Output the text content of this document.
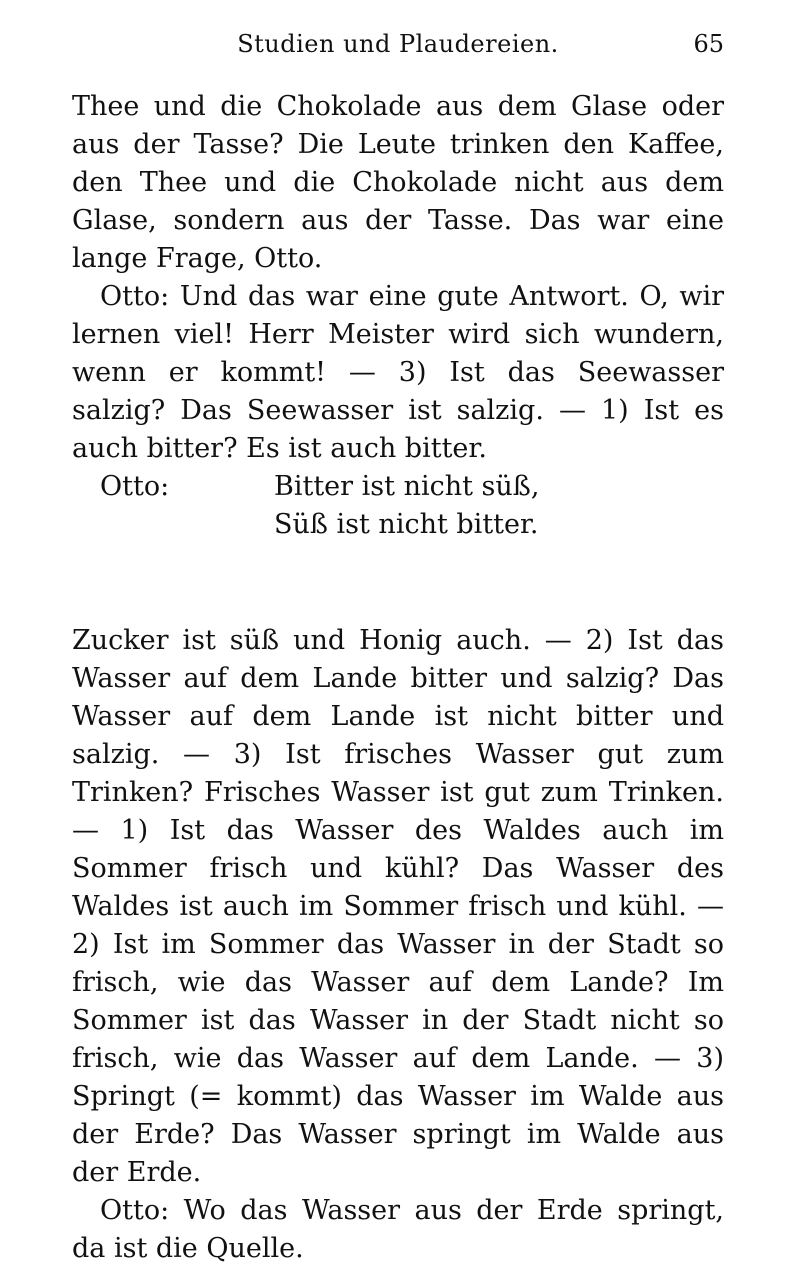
Studien und Plaudereien.	65

Thee und die Chokolade aus dem Glase oder aus der Tasse? Die Leute trinken den Kaffee, den Thee und die Chokolade nicht aus dem Glase, sondern aus der Tasse. Das war eine lange Frage, Otto.

Otto: Und das war eine gute Antwort. O, wir lernen viel! Herr Meister wird sich wundern, wenn er kommt! — 3) Ist das Seewasser salzig? Das Seewasser ist salzig. — 1) Ist es auch bitter? Es ist auch bitter.

Otto:	Bitter ist nicht süß,
Süß ist nicht bitter.

Zucker ist süß und Honig auch. — 2) Ist das Wasser auf dem Lande bitter und salzig? Das Wasser auf dem Lande ist nicht bitter und salzig. — 3) Ist frisches Wasser gut zum Trinken? Frisches Wasser ist gut zum Trinken. — 1) Ist das Wasser des Waldes auch im Sommer frisch und kühl? Das Wasser des Waldes ist auch im Sommer frisch und kühl. — 2) Ist im Sommer das Wasser in der Stadt so frisch, wie das Wasser auf dem Lande? Im Sommer ist das Wasser in der Stadt nicht so frisch, wie das Wasser auf dem Lande. — 3) Springt (= kommt) das Wasser im Walde aus der Erde? Das Wasser springt im Walde aus der Erde.

Otto: Wo das Wasser aus der Erde springt, da ist die Quelle.
